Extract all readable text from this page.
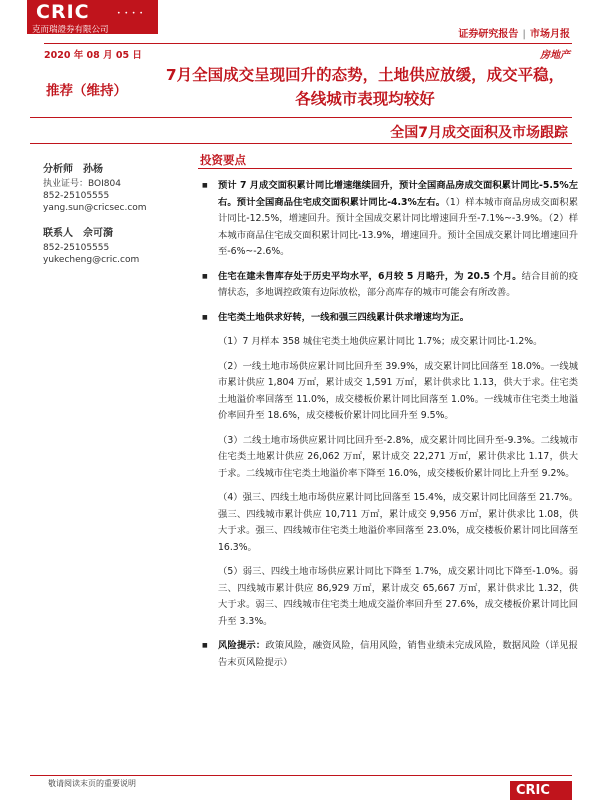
CRIC	• • • •
克而瑞證券有限公司	证券研究报告 | 市场月报
2020 年 08 月 05 日	房地产
推荐（维持）
7月全国成交呈现回升的态势，土地供应放缓，成交平稳，各线城市表现均较好
全国7月成交面积及市场跟踪
分析师 孙杨
执业证号：BOI804
852-25105555
yang.sun@cricsec.com
联系人 佘可漪
852-25105555
yukecheng@cric.com
投资要点
■ 预计 7 月成交面积累计同比增速继续回升，预计全国商品房成交面积累计同比-5.5%左右。预计全国商品住宅成交面积累计同比-4.3%左右。（1）样本城市商品房成交面积累计同比-12.5%，增速回升。预计全国成交累计同比增速回升至-7.1%~-3.9%。（2）样本城市商品住宅成交面积累计同比-13.9%，增速回升。预计全国成交累计同比增速回升至-6%~-2.6%。
■ 住宅在建未售库存处于历史平均水平，6月较 5 月略升，为 20.5 个月。结合目前的疫情状态，多地调控政策有边际放松，部分高库存的城市可能会有所改善。
■ 住宅类土地供求好转，一线和强三四线累计供求增速均为正。
（1）7 月样本 358 城住宅类土地供应累计同比 1.7%；成交累计同比-1.2%。
（2）一线土地市场供应累计同比回升至 39.9%，成交累计同比回落至 18.0%。一线城市累计供应 1,804 万㎡，累计成交 1,591 万㎡，累计供求比 1.13，供大于求。住宅类土地溢价率回落至 11.0%，成交楼板价累计同比回落至 1.0%。一线城市住宅类土地溢价率回升至 18.6%，成交楼板价累计同比回升至 9.5%。
（3）二线土地市场供应累计同比回升至-2.8%，成交累计同比回升至-9.3%。二线城市住宅类土地累计供应 26,062 万㎡，累计成交 22,271 万㎡，累计供求比 1.17，供大于求。二线城市住宅类土地溢价率下降至 16.0%，成交楼板价累计同比上升至 9.2%。
（4）强三、四线土地市场供应累计同比回落至 15.4%，成交累计同比回落至 21.7%。强三、四线城市累计供应 10,711 万㎡，累计成交 9,956 万㎡，累计供求比 1.08，供大于求。强三、四线城市住宅类土地溢价率回落至 23.0%，成交楼板价累计同比回落至 16.3%。
（5）弱三、四线土地市场供应累计同比下降至 1.7%，成交累计同比下降至-1.0%。弱三、四线城市累计供应 86,929 万㎡，累计成交 65,667 万㎡，累计供求比 1.32，供大于求。弱三、四线城市住宅类土地成交溢价率回升至 27.6%，成交楼板价累计同比回升至 3.3%。
■ 风险提示：政策风险，融资风险，信用风险，销售业绩未完成风险，数据风险（详见报告末页风险提示）
敬请阅读末页的重要说明	CRIC
